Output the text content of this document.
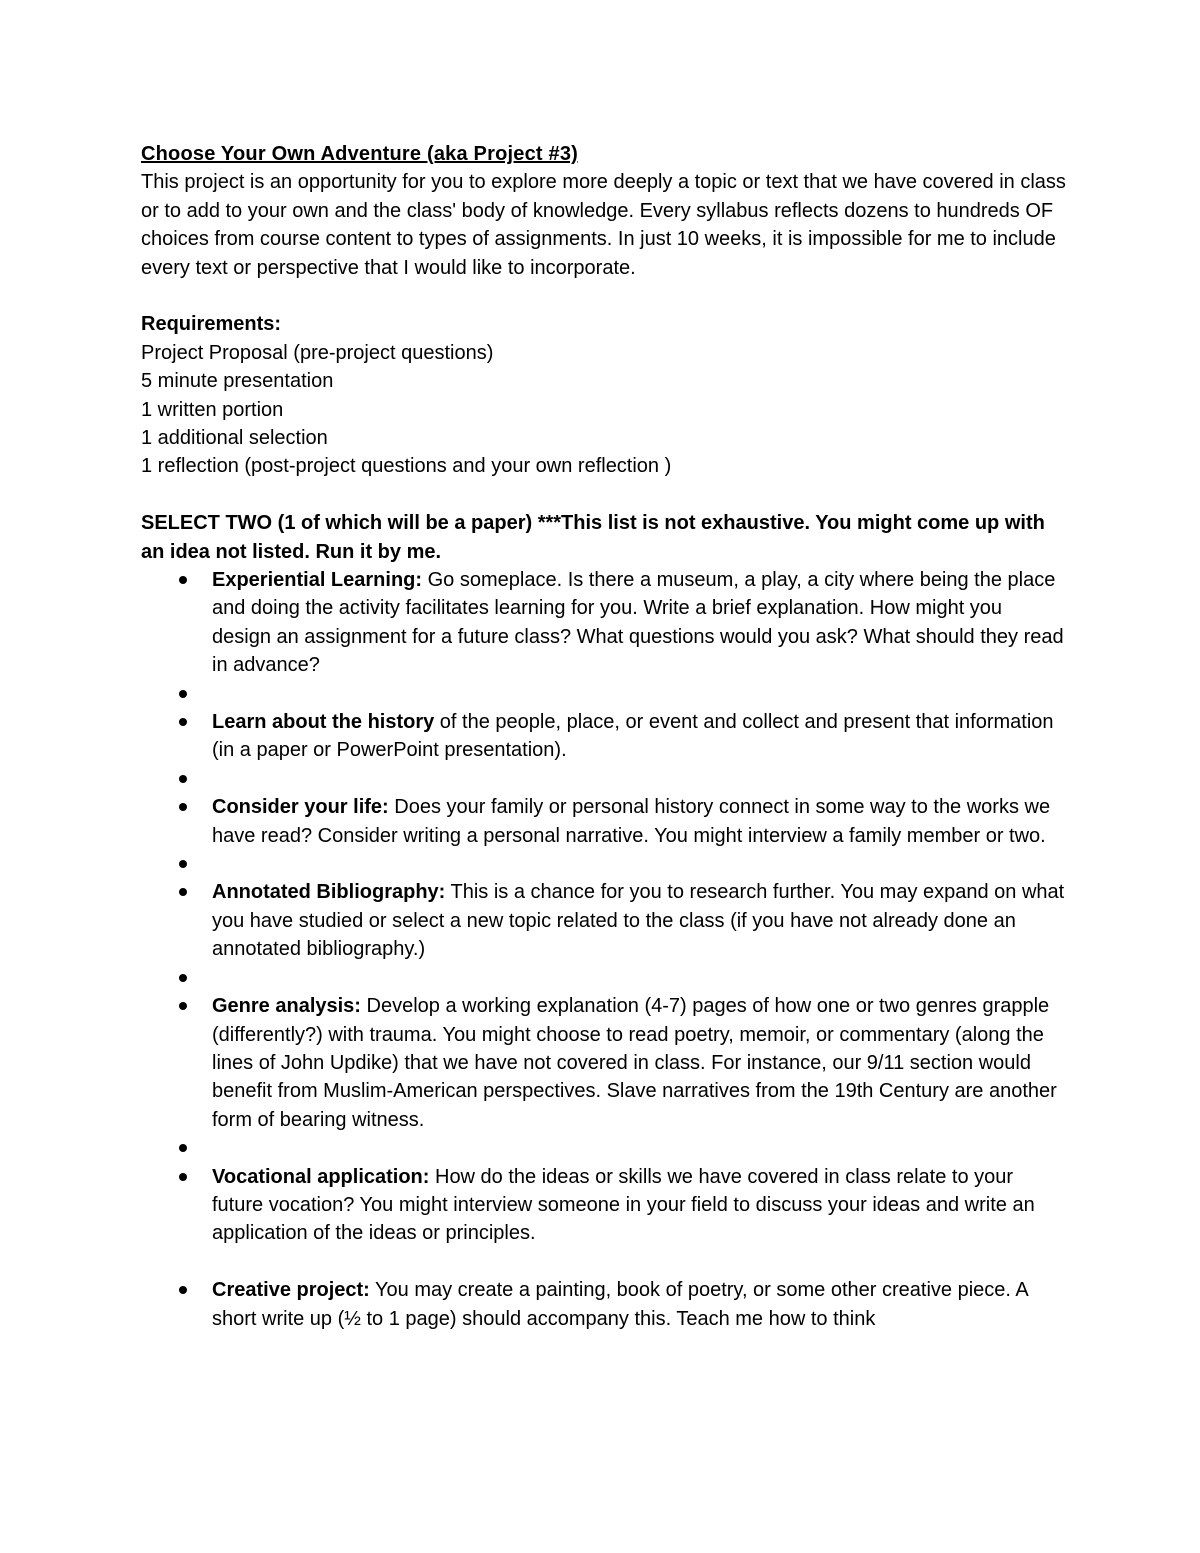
Choose Your Own Adventure (aka Project #3)

This project is an opportunity for you to explore more deeply a topic or text that we have covered in class or to add to your own and the class' body of knowledge. Every syllabus reflects dozens to hundreds OF choices from course content to types of assignments. In just 10 weeks, it is impossible for me to include every text or perspective that I would like to incorporate.

Requirements:

Project Proposal (pre-project questions)

5 minute presentation

1 written portion

1 additional selection

1 reflection (post-project questions and your own reflection )

SELECT TWO (1 of which will be a paper) ***This list is not exhaustive. You might come up with an idea not listed. Run it by me.

Experiential Learning: Go someplace. Is there a museum, a play, a city where being the place and doing the activity facilitates learning for you. Write a brief explanation. How might you design an assignment for a future class? What questions would you ask? What should they read in advance?
Learn about the history of the people, place, or event and collect and present that information (in a paper or PowerPoint presentation).
Consider your life: Does your family or personal history connect in some way to the works we have read? Consider writing a personal narrative. You might interview a family member or two.
Annotated Bibliography: This is a chance for you to research further. You may expand on what you have studied or select a new topic related to the class (if you have not already done an annotated bibliography.)
Genre analysis: Develop a working explanation (4-7) pages of how one or two genres grapple (differently?) with trauma. You might choose to read poetry, memoir, or commentary (along the lines of John Updike) that we have not covered in class. For instance, our 9/11 section would benefit from Muslim-American perspectives. Slave narratives from the 19th Century are another form of bearing witness.
Vocational application: How do the ideas or skills we have covered in class relate to your future vocation? You might interview someone in your field to discuss your ideas and write an application of the ideas or principles.
Creative project: You may create a painting, book of poetry, or some other creative piece. A short write up (½ to 1 page) should accompany this. Teach me how to think
